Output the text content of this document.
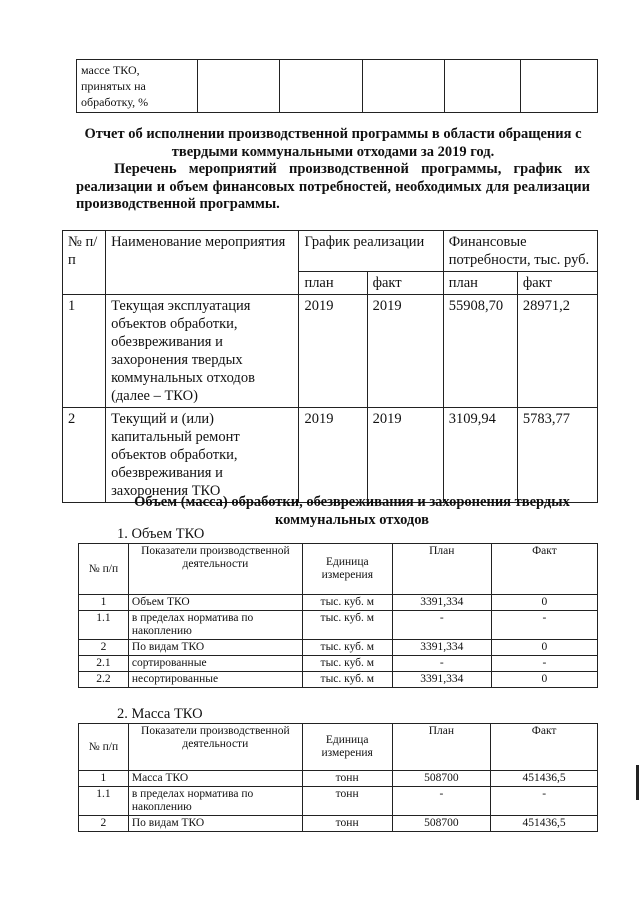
массе ТКО, принятых на обработку, %					
Отчет об исполнении производственной программы в области обращения с твердыми коммунальными отходами за 2019 год.
Перечень мероприятий производственной программы, график их реализации и объем финансовых потребностей, необходимых для реализации производственной программы.
№ п/п	Наименование мероприятия	График реализации		Финансовые потребности, тыс. руб.	
		план	факт	план	факт
1	Текущая эксплуатация объектов обработки, обезвреживания и захоронения твердых коммунальных отходов (далее – ТКО)	2019	2019	55908,70	28971,2
2	Текущий и (или) капитальный ремонт объектов обработки, обезвреживания и захоронения ТКО	2019	2019	3109,94	5783,77
Объем (масса) обработки, обезвреживания и захоронения твердых коммунальных отходов
1. Объем ТКО
№ п/п	Показатели производственной деятельности	Единица измерения	План	Факт
1	Объем ТКО	тыс. куб. м	3391,334	0
1.1	в пределах норматива по накоплению	тыс. куб. м	-	-
2	По видам ТКО	тыс. куб. м	3391,334	0
2.1	сортированные	тыс. куб. м	-	-
2.2	несортированные	тыс. куб. м	3391,334	0
2. Масса ТКО
№ п/п	Показатели производственной деятельности	Единица измерения	План	Факт
1	Масса ТКО	тонн	508700	451436,5
1.1	в пределах норматива по накоплению	тонн	-	-
2	По видам ТКО	тонн	508700	451436,5
